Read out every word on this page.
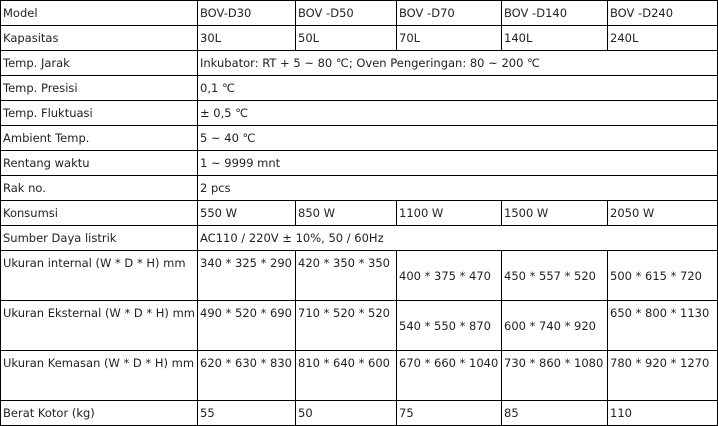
Model	BOV-D30	BOV -D50	BOV -D70	BOV -D140	BOV -D240
Kapasitas	30L	50L	70L	140L	240L
Temp. Jarak	Inkubator: RT + 5 ~ 80 ℃; Oven Pengeringan: 80 ~ 200 ℃				
Temp. Presisi	0,1 ℃				
Temp. Fluktuasi	± 0,5 ℃				
Ambient Temp.	5 ~ 40 ℃				
Rentang waktu	1 ~ 9999 mnt				
Rak no.	2 pcs				
Konsumsi	550 W	850 W	1100 W	1500 W	2050 W
Sumber Daya listrik	AC110 / 220V ± 10%, 50 / 60Hz				
Ukuran internal (W * D * H) mm	340 * 325 * 290	420 * 350 * 350	400 * 375 * 470	450 * 557 * 520	500 * 615 * 720
Ukuran Eksternal (W * D * H) mm	490 * 520 * 690	710 * 520 * 520	540 * 550 * 870	600 * 740 * 920	650 * 800 * 1130
Ukuran Kemasan (W * D * H) mm	620 * 630 * 830	810 * 640 * 600	670 * 660 * 1040	730 * 860 * 1080	780 * 920 * 1270
Berat Kotor (kg)	55	50	75	85	110
